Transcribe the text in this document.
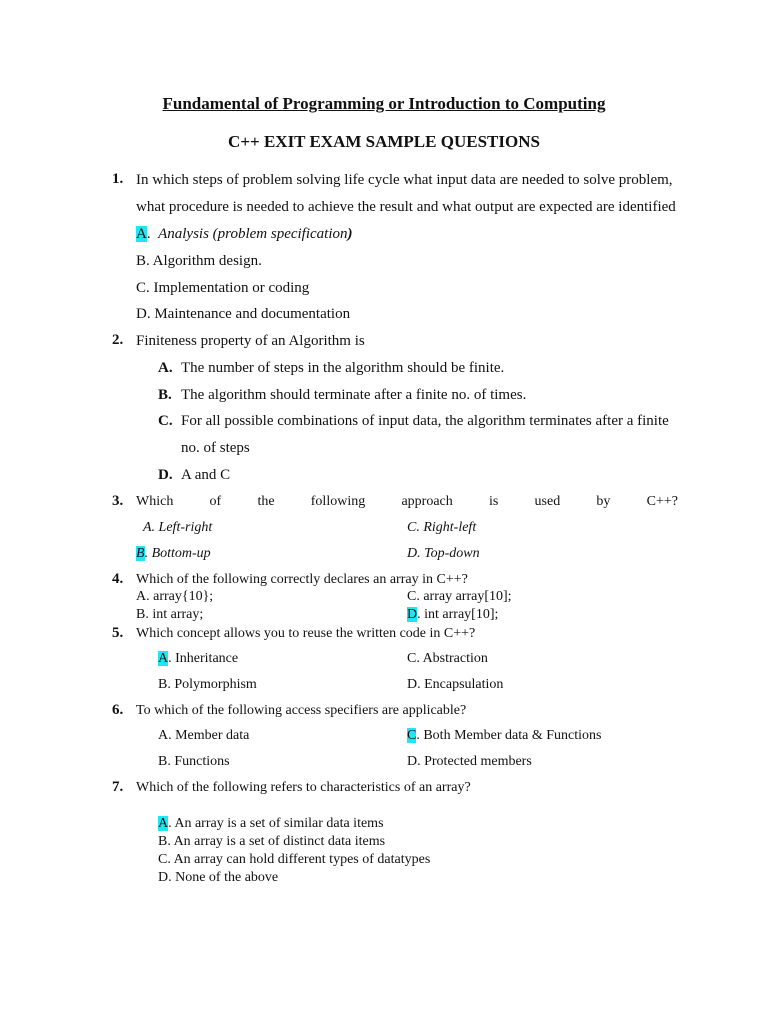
Fundamental of Programming or Introduction to Computing
C++ EXIT EXAM SAMPLE QUESTIONS
1. In which steps of problem solving life cycle what input data are needed to solve problem,
what procedure is needed to achieve the result and what output are expected are identified
A.  Analysis (problem specification)
B. Algorithm design.
C. Implementation or coding
D. Maintenance and documentation
2. Finiteness property of an Algorithm is
A. The number of steps in the algorithm should be finite.
B. The algorithm should terminate after a finite no. of times.
C. For all possible combinations of input data, the algorithm terminates after a finite
no. of steps
D. A and C
3. Which	of	the	following	approach	is	used	by	C++?
A. Left-right	C. Right-left
B. Bottom-up	D. Top-down
4. Which of the following correctly declares an array in C++?
A. array{10};	C. array array[10];
B. int array;	D. int array[10];
5. Which concept allows you to reuse the written code in C++?
A. Inheritance	C. Abstraction
B. Polymorphism	D. Encapsulation
6. To which of the following access specifiers are applicable?
A. Member data	C. Both Member data & Functions
B. Functions	D. Protected members
7. Which of the following refers to characteristics of an array?
A. An array is a set of similar data items
B. An array is a set of distinct data items
C. An array can hold different types of datatypes
D. None of the above
